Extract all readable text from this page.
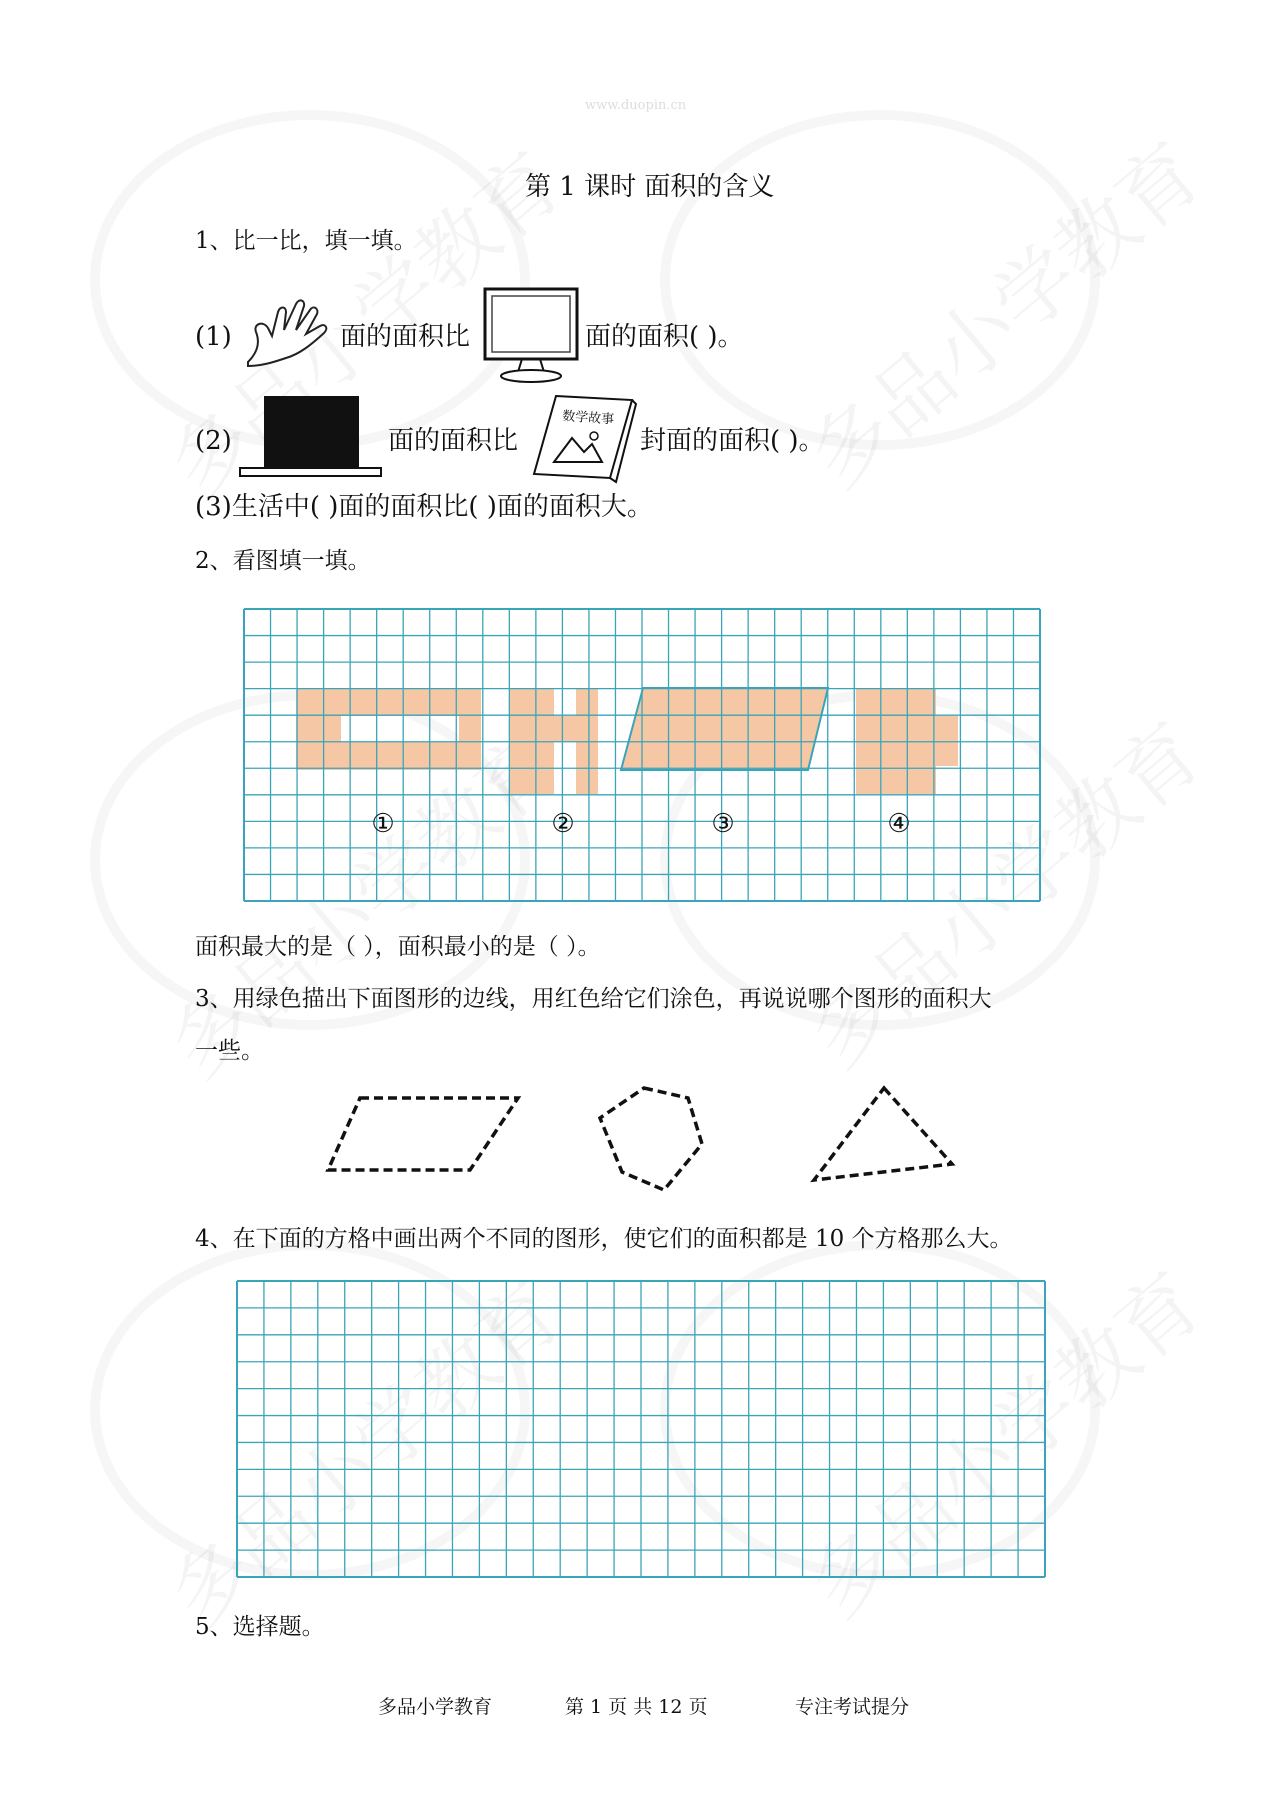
www.duopin.cn
第 1 课时 面积的含义
1、比一比，填一填。
(1)	面的面积比	面的面积( )。
(2)	面的面积比
数学故事
封面的面积( )。
(3)生活中( )面的面积比( )面的面积大。
2、看图填一填。
①	②	③	④
面积最大的是（ ），面积最小的是（ ）。
3、用绿色描出下面图形的边线，用红色给它们涂色，再说说哪个图形的面积大
一些。
4、在下面的方格中画出两个不同的图形，使它们的面积都是 10 个方格那么大。
5、选择题。
多品小学教育	第 1 页 共 12 页	专注考试提分
